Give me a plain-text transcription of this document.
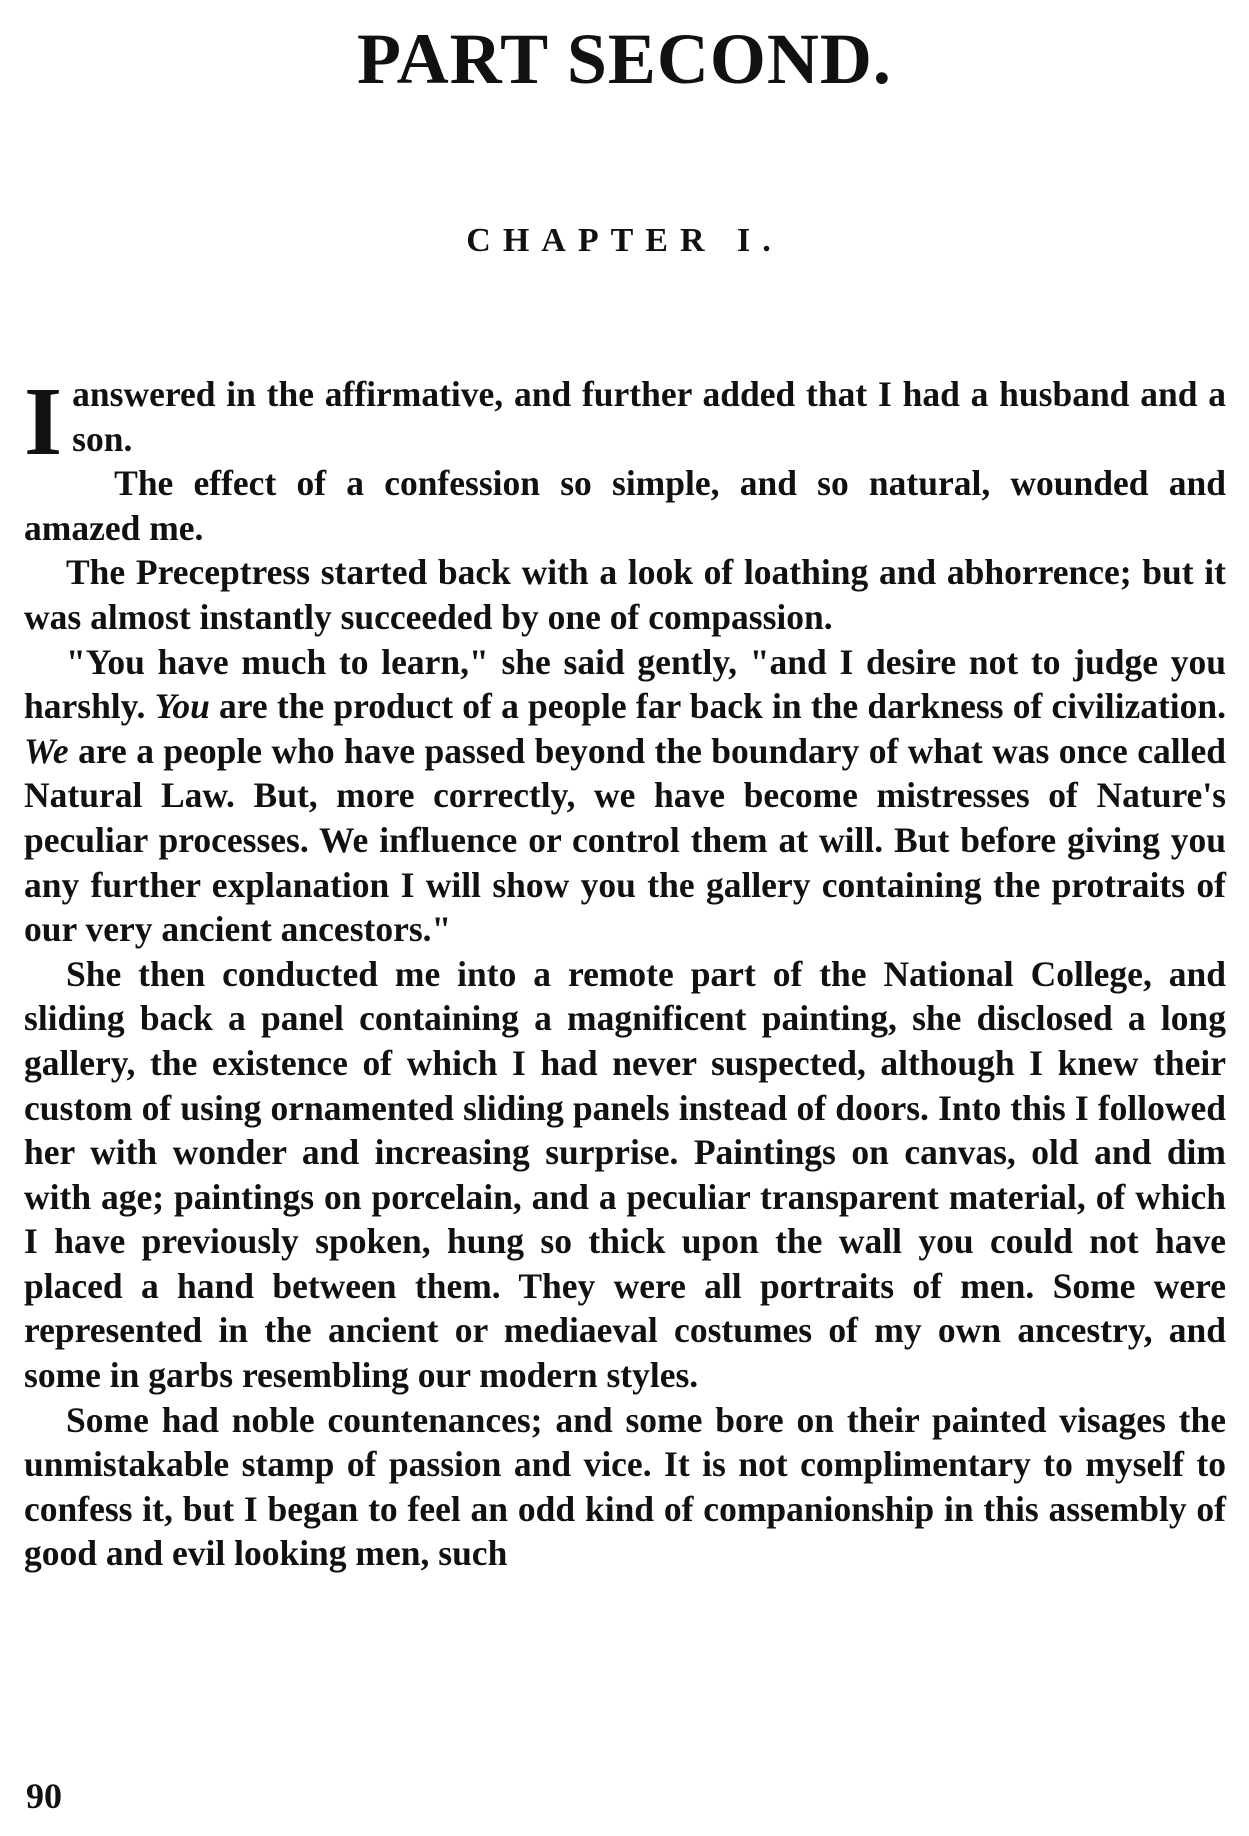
PART SECOND.
CHAPTER I.

Ianswered in the affirmative, and further added that I had a husband and a son.

The effect of a confession so simple, and so natural, wounded and amazed me.

The Preceptress started back with a look of loathing and abhorrence; but it was almost instantly succeeded by one of compassion.

"You have much to learn," she said gently, "and I desire not to judge you harshly. You are the product of a people far back in the darkness of civilization. We are a people who have passed beyond the boundary of what was once called Natural Law. But, more correctly, we have become mistresses of Nature's peculiar processes. We influence or control them at will. But before giving you any further explanation I will show you the gallery containing the protraits of our very ancient ancestors."

She then conducted me into a remote part of the National College, and sliding back a panel containing a magnificent painting, she disclosed a long gallery, the existence of which I had never suspected, although I knew their custom of using ornamented sliding panels instead of doors. Into this I followed her with wonder and increasing surprise. Paintings on canvas, old and dim with age; paintings on porcelain, and a peculiar transparent material, of which I have previously spoken, hung so thick upon the wall you could not have placed a hand between them. They were all portraits of men. Some were represented in the ancient or mediaeval costumes of my own ancestry, and some in garbs resembling our modern styles.

Some had noble countenances; and some bore on their painted visages the unmistakable stamp of passion and vice. It is not complimentary to myself to confess it, but I began to feel an odd kind of companionship in this assembly of good and evil looking men, such

90
